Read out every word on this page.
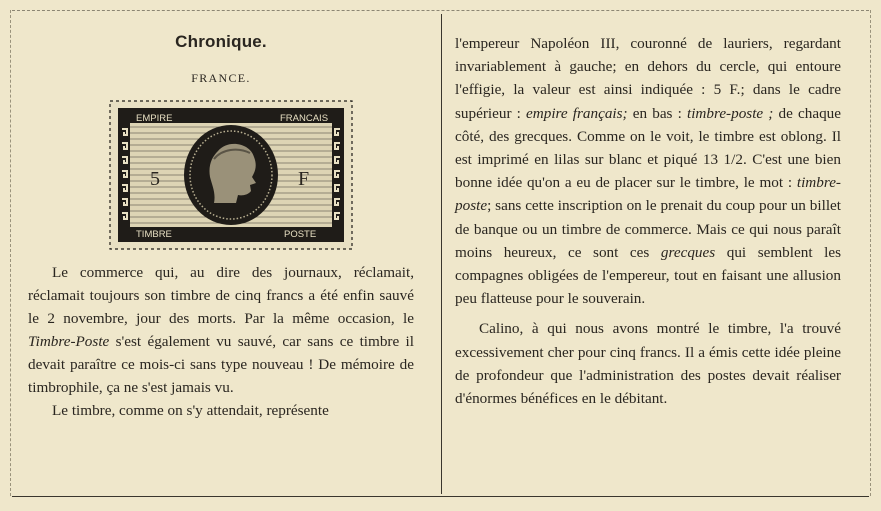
Chronique.
FRANCE.
EMPIRE	FRANCAIS
TIMBRE	POSTE
5	F

Le commerce qui, au dire des journaux, réclamait, réclamait toujours son timbre de cinq francs a été enfin sauvé le 2 novembre, jour des morts. Par la même occasion, le Timbre-Poste s'est également vu sauvé, car sans ce timbre il devait paraître ce mois-ci sans type nouveau ! De mémoire de timbrophile, ça ne s'est jamais vu.

Le timbre, comme on s'y attendait, représente

l'empereur Napoléon III, couronné de lauriers, regardant invariablement à gauche; en dehors du cercle, qui entoure l'effigie, la valeur est ainsi indiquée : 5 F.; dans le cadre supérieur : empire français; en bas : timbre-poste ; de chaque côté, des grecques. Comme on le voit, le timbre est oblong. Il est imprimé en lilas sur blanc et piqué 13 1/2. C'est une bien bonne idée qu'on a eu de placer sur le timbre, le mot : timbre-poste; sans cette inscription on le prenait du coup pour un billet de banque ou un timbre de commerce. Mais ce qui nous paraît moins heureux, ce sont ces grecques qui semblent les compagnes obligées de l'empereur, tout en faisant une allusion peu flatteuse pour le souverain.

Calino, à qui nous avons montré le timbre, l'a trouvé excessivement cher pour cinq francs. Il a émis cette idée pleine de profondeur que l'administration des postes devait réaliser d'énormes bénéfices en le débitant.
